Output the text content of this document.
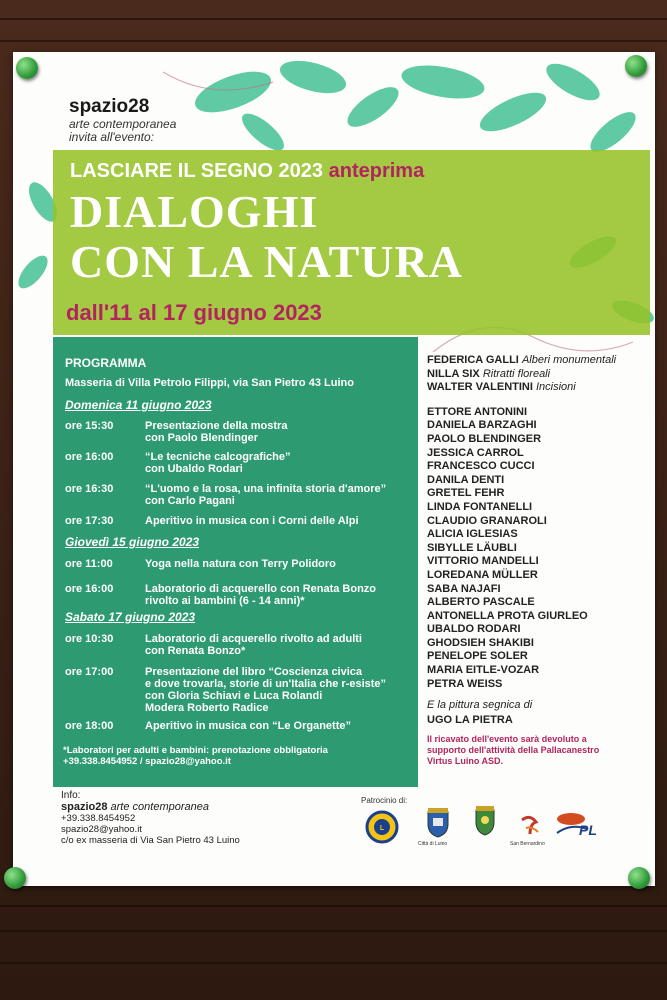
spazio28
arte contemporanea
invita all'evento:
LASCIARE IL SEGNO 2023 anteprima
DIALOGHI
CON LA NATURA
dall'11 al 17 giugno 2023
PROGRAMMA
Masseria di Villa Petrolo Filippi, via San Pietro 43 Luino
Domenica 11 giugno 2023
ore 15:30	Presentazione della mostra
con Paolo Blendinger
ore 16:00	“Le tecniche calcografiche”
con Ubaldo Rodari
ore 16:30	“L'uomo e la rosa, una infinita storia d'amore”
con Carlo Pagani
ore 17:30	Aperitivo in musica con i Corni delle Alpi
Giovedì 15 giugno 2023
ore 11:00	Yoga nella natura con Terry Polidoro
ore 16:00	Laboratorio di acquerello con Renata Bonzo
rivolto ai bambini (6 - 14 anni)*
Sabato 17 giugno 2023
ore 10:30	Laboratorio di acquerello rivolto ad adulti
con Renata Bonzo*
ore 17:00	Presentazione del libro “Coscienza civica
e dove trovarla, storie di un'Italia che r-esiste”
con Gloria Schiavi e Luca Rolandi
Modera Roberto Radice
ore 18:00	Aperitivo in musica con “Le Organette”
*Laboratori per adulti e bambini: prenotazione obbligatoria
+39.338.8454952 / spazio28@yahoo.it
FEDERICA GALLI Alberi monumentali
NILLA SIX Ritratti floreali
WALTER VALENTINI Incisioni
ETTORE ANTONINI
DANIELA BARZAGHI
PAOLO BLENDINGER
JESSICA CARROL
FRANCESCO CUCCI
DANILA DENTI
GRETEL FEHR
LINDA FONTANELLI
CLAUDIO GRANAROLI
ALICIA IGLESIAS
SIBYLLE LÄUBLI
VITTORIO MANDELLI
LOREDANA MÜLLER
SABA NAJAFI
ALBERTO PASCALE
ANTONELLA PROTA GIURLEO
UBALDO RODARI
GHODSIEH SHAKIBI
PENELOPE SOLER
MARIA EITLE-VOZAR
PETRA WEISS
E la pittura segnica di
UGO LA PIETRA
Il ricavato dell'evento sarà devoluto a
supporto dell'attività della Pallacanestro
Virtus Luino ASD.
Info:
spazio28 arte contemporanea
+39.338.8454952
spazio28@yahoo.it
c/o ex masseria di Via San Pietro 43 Luino
Patrocinio di:
L
Città di Luino	San Bernardino
PL
